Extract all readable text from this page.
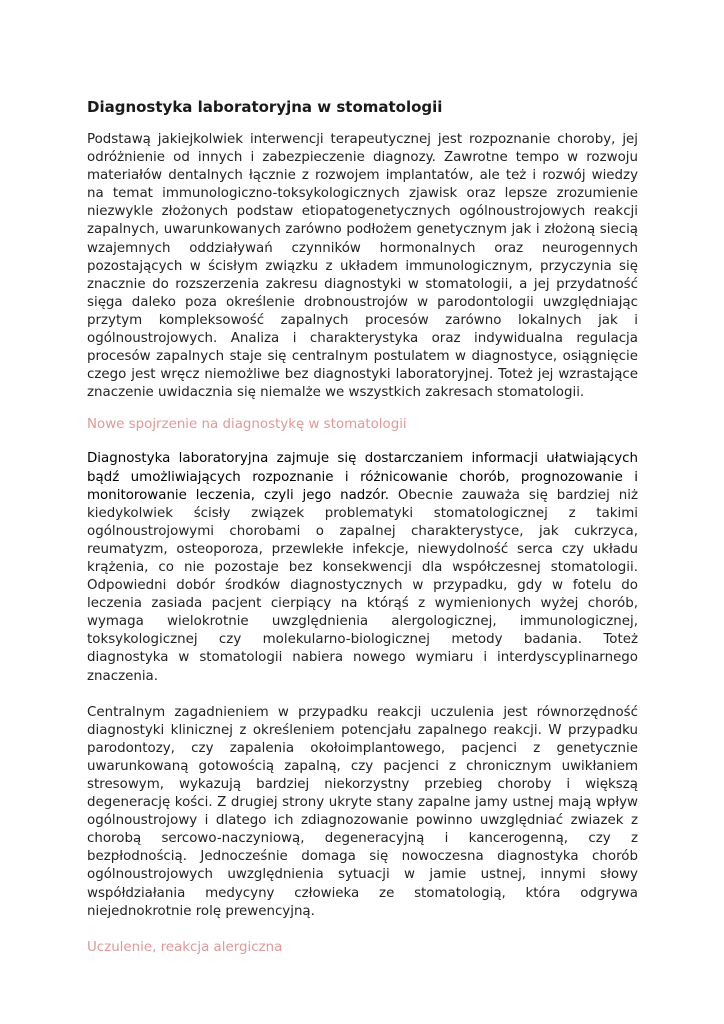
Diagnostyka laboratoryjna w stomatologii

Podstawą jakiejkolwiek interwencji terapeutycznej jest rozpoznanie choroby, jej odróżnienie od innych i zabezpieczenie diagnozy. Zawrotne tempo w rozwoju materiałów dentalnych łącznie z rozwojem implantatów, ale też i rozwój wiedzy na temat immunologiczno-toksykologicznych zjawisk oraz lepsze zrozumienie niezwykle złożonych podstaw etiopatogenetycznych ogólnoustrojowych reakcji zapalnych, uwarunkowanych zarówno podłożem genetycznym jak i złożoną siecią wzajemnych oddziaływań czynników hormonalnych oraz neurogennych pozostających w ścisłym związku z układem immunologicznym, przyczynia się znacznie do rozszerzenia zakresu diagnostyki w stomatologii, a jej przydatność sięga daleko poza określenie drobnoustrojów w parodontologii uwzględniając przytym kompleksowość zapalnych procesów zarówno lokalnych jak i ogólnoustrojowych. Analiza i charakterystyka oraz indywidualna regulacja procesów zapalnych staje się centralnym postulatem w diagnostyce, osiągnięcie czego jest wręcz niemożliwe bez diagnostyki laboratoryjnej. Toteż jej wzrastające znaczenie uwidacznia się niemalże we wszystkich zakresach stomatologii.

Nowe spojrzenie na diagnostykę w stomatologii

Diagnostyka laboratoryjna zajmuje się dostarczaniem informacji ułatwiających bądź umożliwiających rozpoznanie i różnicowanie chorób, prognozowanie i monitorowanie leczenia, czyli jego nadzór. Obecnie zauważa się bardziej niż kiedykolwiek ścisły związek problematyki stomatologicznej z takimi ogólnoustrojowymi chorobami o zapalnej charakterystyce, jak cukrzyca, reumatyzm, osteoporoza, przewlekłe infekcje, niewydolność serca czy układu krążenia, co nie pozostaje bez konsekwencji dla współczesnej stomatologii. Odpowiedni dobór środków diagnostycznych w przypadku, gdy w fotelu do leczenia zasiada pacjent cierpiący na którąś z wymienionych wyżej chorób, wymaga wielokrotnie uwzględnienia alergologicznej, immunologicznej, toksykologicznej czy molekularno-biologicznej metody badania. Toteż diagnostyka w stomatologii nabiera nowego wymiaru i interdyscyplinarnego znaczenia.

Centralnym zagadnieniem w przypadku reakcji uczulenia jest równorzędność diagnostyki klinicznej z określeniem potencjału zapalnego reakcji. W przypadku parodontozy, czy zapalenia okołoimplantowego, pacjenci z genetycznie uwarunkowaną gotowością zapalną, czy pacjenci z chronicznym uwikłaniem stresowym, wykazują bardziej niekorzystny przebieg choroby i większą degenerację kości. Z drugiej strony ukryte stany zapalne jamy ustnej mają wpływ ogólnoustrojowy i dlatego ich zdiagnozowanie powinno uwzględniać zwiazek z chorobą sercowo-naczyniową, degeneracyjną i kancerogenną, czy z bezpłodnością. Jednocześnie domaga się nowoczesna diagnostyka chorób ogólnoustrojowych uwzględnienia sytuacji w jamie ustnej, innymi słowy współdziałania medycyny człowieka ze stomatologią, która odgrywa niejednokrotnie rolę prewencyjną.

Uczulenie, reakcja alergiczna
